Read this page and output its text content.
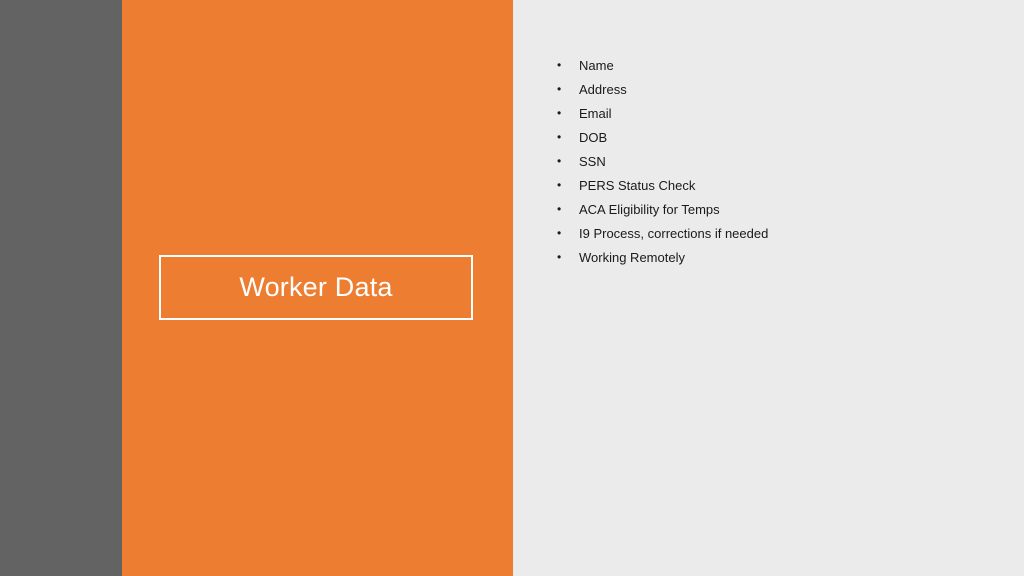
Worker Data
•	Name
•	Address
•	Email
•	DOB
•	SSN
•	PERS Status Check
•	ACA Eligibility for Temps
•	I9 Process, corrections if needed
•	Working Remotely
